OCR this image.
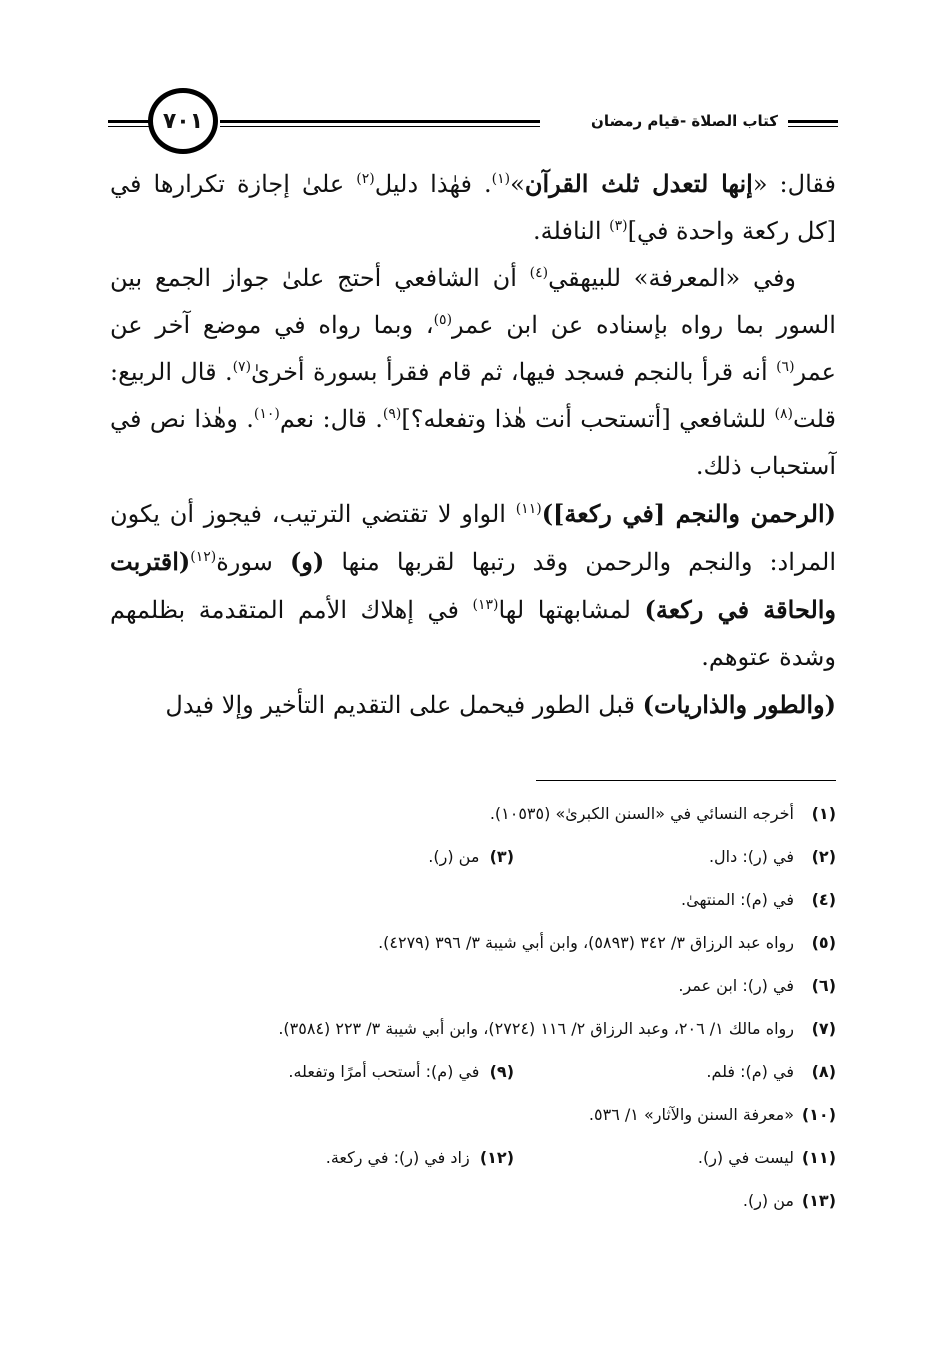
كتاب الصلاة -قيام رمضان
٧٠١

فقال: «إنها لتعدل ثلث القرآن»$^{(١)}$. فهٰذا دليل$^{(٢)}$ علىٰ إجازة تكرارها في [كل ركعة واحدة في]$^{(٣)}$ النافلة.

وفي «المعرفة» للبيهقي$^{(٤)}$ أن الشافعي أحتج علىٰ جواز الجمع بين السور بما رواه بإسناده عن ابن عمر$^{(٥)}$، وبما رواه في موضع آخر عن عمر$^{(٦)}$ أنه قرأ بالنجم فسجد فيها، ثم قام فقرأ بسورة أخرىٰ$^{(٧)}$. قال الربيع: قلت$^{(٨)}$ للشافعي [أتستحب أنت هٰذا وتفعله؟]$^{(٩)}$. قال: نعم$^{(١٠)}$. وهٰذا نص في آستحباب ذلك.

(الرحمن والنجم [في ركعة])$^{(١١)}$ الواو لا تقتضي الترتيب، فيجوز أن يكون المراد: والنجم والرحمن وقد رتبها لقربها منها (و) سورة$^{(١٢)}$(اقتربت والحاقة في ركعة) لمشابهتها لها$^{(١٣)}$ في إهلاك الأمم المتقدمة بظلمهم وشدة عتوهم.

(والطور والذاريات) قبل الطور فيحمل على التقديم التأخير وإلا فيدل

(١)
أخرجه النسائي في «السنن الكبرىٰ» (١٠٥٣٥).
(٢)
في (ر): دال.(٣)  من (ر).
(٤)
في (م): المنتهىٰ.
(٥)
رواه عبد الرزاق ٣/ ٣٤٢ (٥٨٩٣)، وابن أبي شيبة ٣/ ٣٩٦ (٤٢٧٩).
(٦)
في (ر): ابن عمر.
(٧)
رواه مالك ١/ ٢٠٦، وعبد الرزاق ٢/ ١١٦ (٢٧٢٤)، وابن أبي شيبة ٣/ ٢٢٣ (٣٥٨٤).
(٨)
في (م): فلم.(٩)  في (م): أستحب أمرًا وتفعله.
(١٠)
«معرفة السنن والآثار» ١/ ٥٣٦.
(١١)
ليست في (ر).(١٢)  زاد في (ر): في ركعة.
(١٣)
من (ر).
